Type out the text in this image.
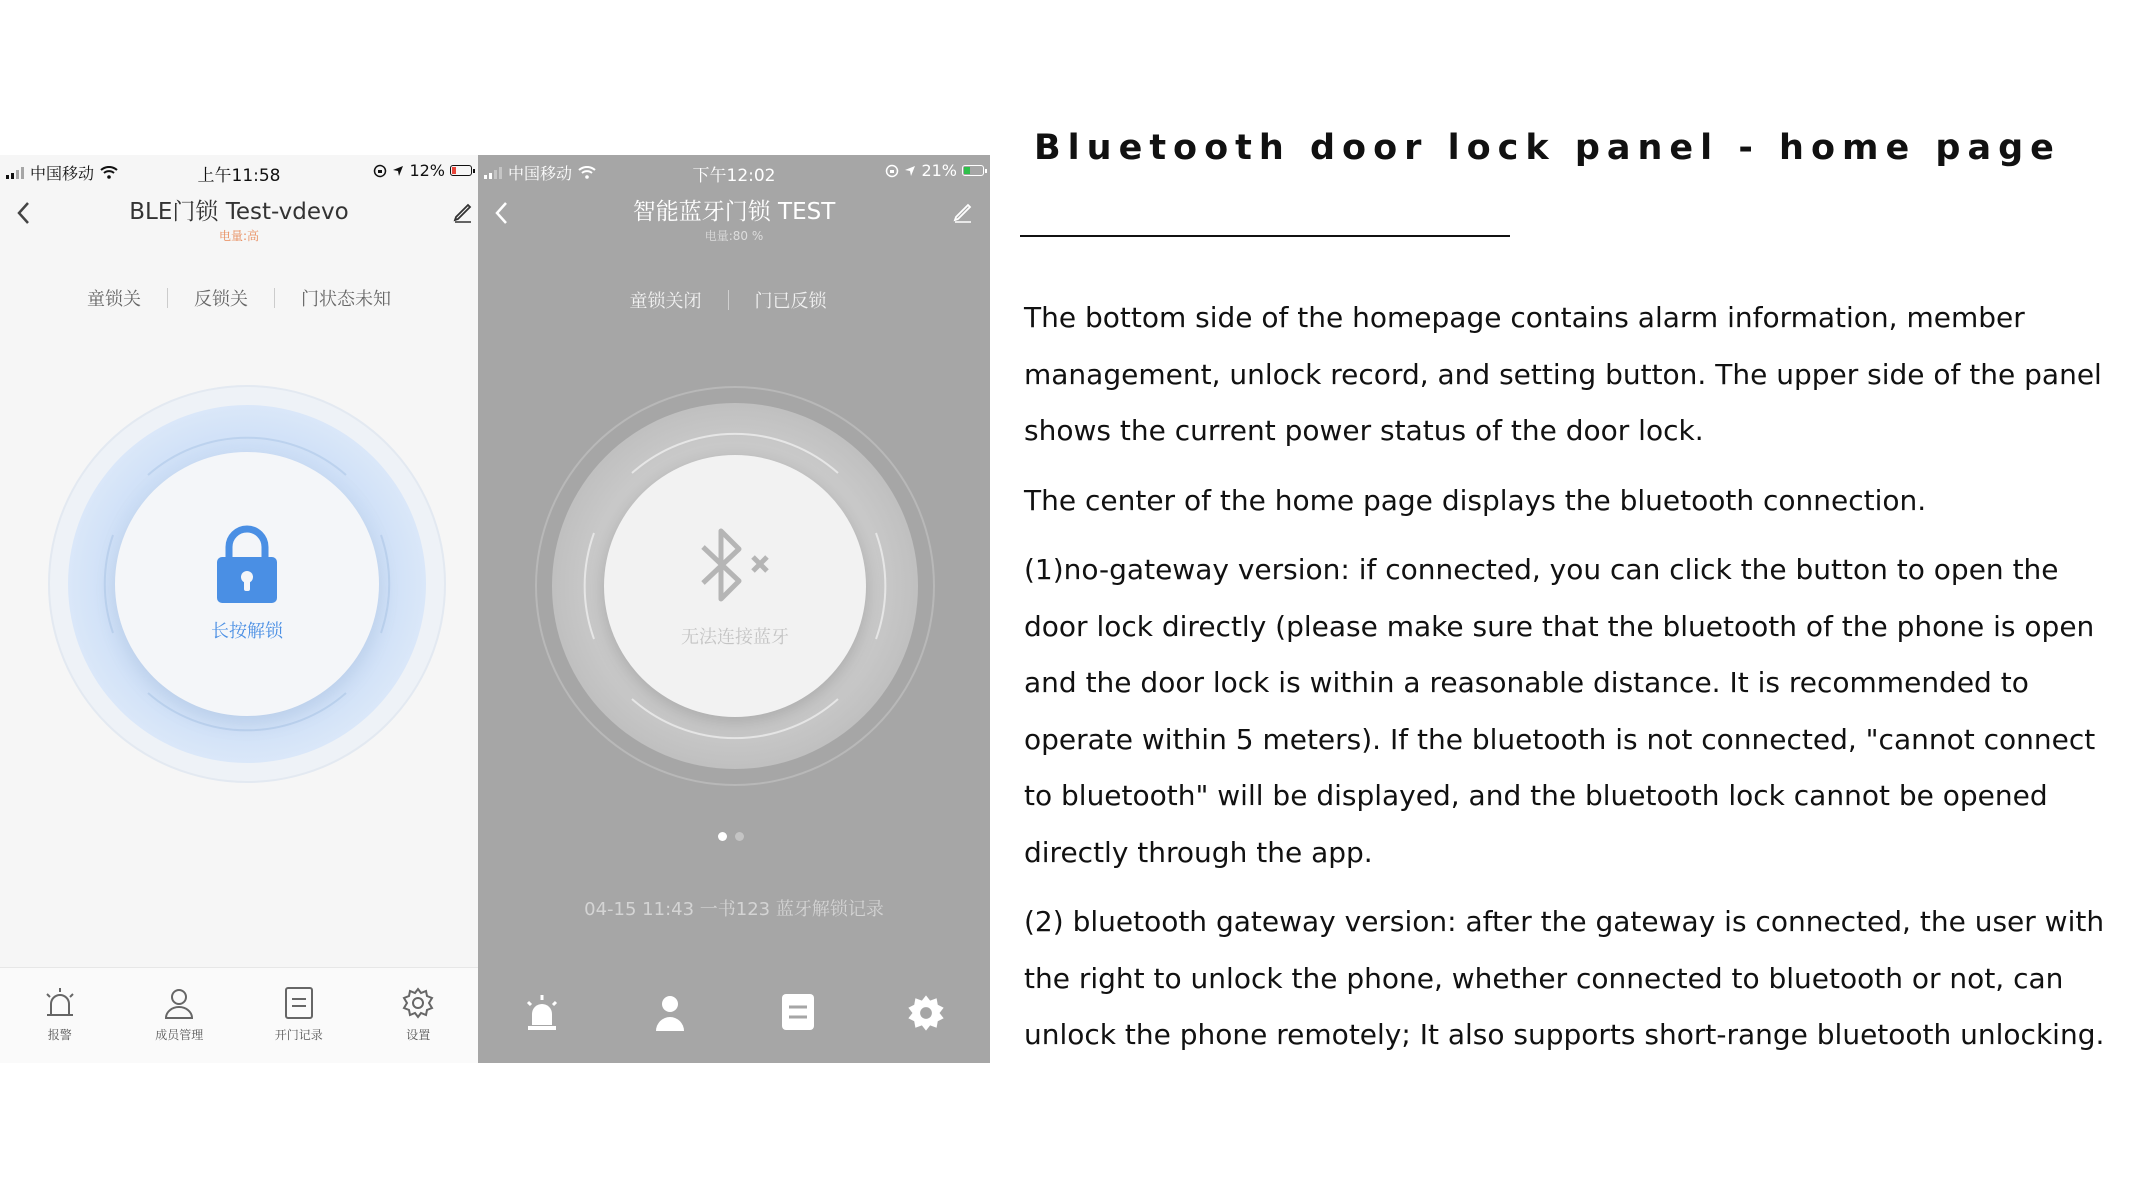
中国移动	上午11:58	12%
BLE门锁 Test-vdevo
电量:高
童锁关	反锁关	门状态未知
长按解锁
报警	成员管理	开门记录	设置
中国移动	下午12:02	21%
智能蓝牙门锁 TEST
电量:80 %
童锁关闭	门已反锁
无法连接蓝牙
04-15 11:43 一书123 蓝牙解锁记录
Bluetooth door lock panel - home page

The bottom side of the homepage contains alarm information, member management, unlock record, and setting button. The upper side of the panel shows the current power status of the door lock.

The center of the home page displays the bluetooth connection.

(1)no-gateway version: if connected, you can click the button to open the door lock directly (please make sure that the bluetooth of the phone is open and the door lock is within a reasonable distance. It is recommended to operate within 5 meters). If the bluetooth is not connected, "cannot connect to bluetooth" will be displayed, and the bluetooth lock cannot be opened directly through the app.

(2) bluetooth gateway version: after the gateway is connected, the user with the right to unlock the phone, whether connected to bluetooth or not, can unlock the phone remotely; It also supports short-range bluetooth unlocking.
